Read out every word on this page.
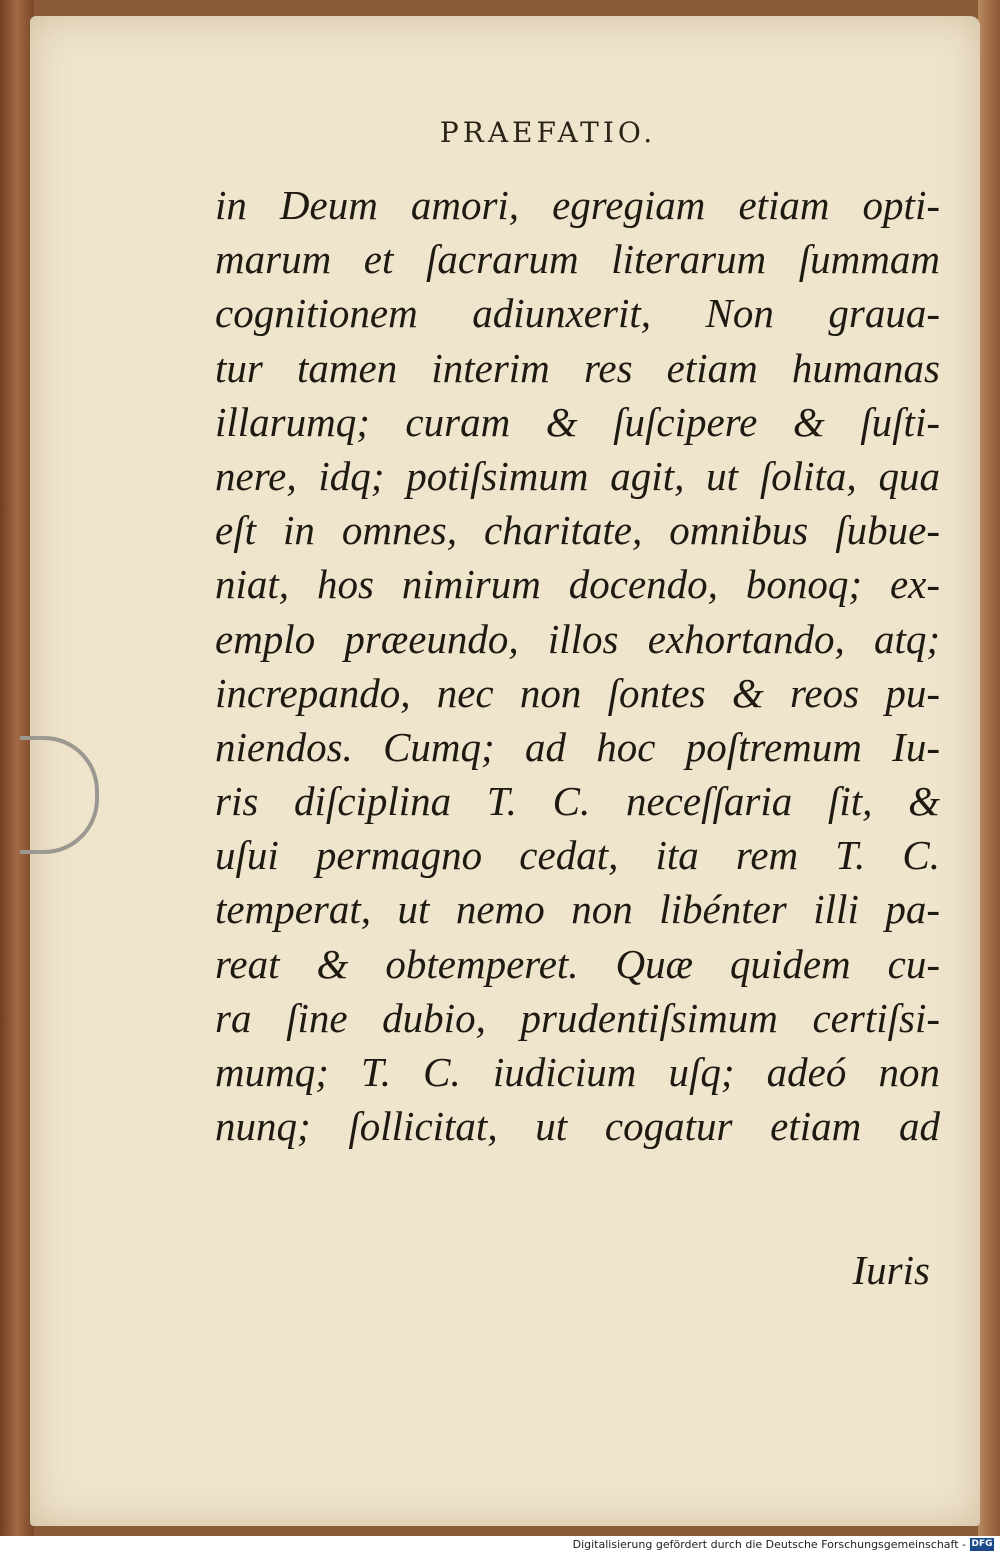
PRAEFATIO.
in Deum amori, egregiam etiam opti-
marum et ſacrarum literarum ſummam
cognitionem adiunxerit, Non grauа-
tur tamen interim res etiam humanas
illarumq; curam & ſuſcipere & ſuſti-
nere, idq; potiſsimum agit, ut ſolita, qua
eſt in omnes, charitate, omnibus ſubue-
niat, hos nimirum docendo, bonoq; ex-
emplo præeundo, illos exhortando, atq;
increpando, nec non ſontes & reos pu-
niendos. Cumq; ad hoc poſtremum Iu-
ris diſciplina T. C. neceſſaria ſit, &
uſui permagno cedat, ita rem T. C.
temperat, ut nemo non libénter illi pa-
reat & obtemperet. Quæ quidem cu-
ra ſine dubio, prudentiſsimum certiſsi-
mumq; T. C. iudicium uſq; adeó non
nunq; ſollicitat, ut cogatur etiam ad
Iuris
Digitalisierung gefördert durch die Deutsche Forschungsgemeinschaft - DFG
